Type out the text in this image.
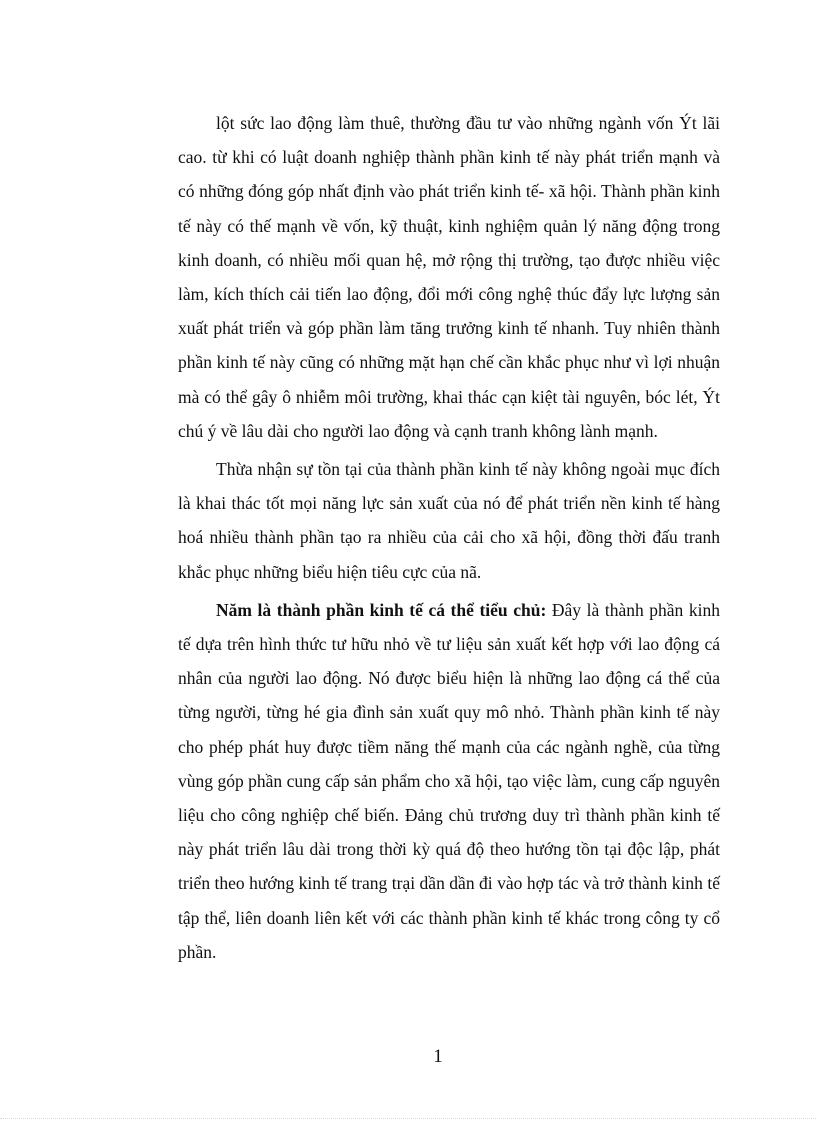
lột sức lao động làm thuê, thường đầu tư vào những ngành vốn Ýt lãi cao. từ khi có luật doanh nghiệp thành phần kinh tế này phát triển mạnh và có những đóng góp nhất định vào phát triển kinh tế- xã hội. Thành phần kinh tế này có thế mạnh về vốn, kỹ thuật, kinh nghiệm quản lý năng động trong kinh doanh, có nhiều mối quan hệ, mở rộng thị trường, tạo được nhiều việc làm, kích thích cải tiến lao động, đổi mới công nghệ thúc đẩy lực lượng sản xuất phát triển và góp phần làm tăng trưởng kinh tế nhanh. Tuy nhiên thành phần kinh tế này cũng có những mặt hạn chế cần khắc phục như vì lợi nhuận mà có thể gây ô nhiễm môi trường, khai thác cạn kiệt tài nguyên, bóc lét, Ýt chú ý về lâu dài cho người lao động và cạnh tranh không lành mạnh.

Thừa nhận sự tồn tại của thành phần kinh tế này không ngoài mục đích là khai thác tốt mọi năng lực sản xuất của nó để phát triển nền kinh tế hàng hoá nhiều thành phần tạo ra nhiều của cải cho xã hội, đồng thời đấu tranh khắc phục những biểu hiện tiêu cực của nã.

Năm là thành phần kinh tế cá thể tiểu chủ: Đây là thành phần kinh tế dựa trên hình thức tư hữu nhỏ về tư liệu sản xuất kết hợp với lao động cá nhân của người lao động. Nó được biểu hiện là những lao động cá thể của từng người, từng hé gia đình sản xuất quy mô nhỏ. Thành phần kinh tế này cho phép phát huy được tiềm năng thế mạnh của các ngành nghề, của từng vùng góp phần cung cấp sản phẩm cho xã hội, tạo việc làm, cung cấp nguyên liệu cho công nghiệp chế biến. Đảng chủ trương duy trì thành phần kinh tế này phát triển lâu dài trong thời kỳ quá độ theo hướng tồn tại độc lập, phát triển theo hướng kinh tế trang trại dần dần đi vào hợp tác và trở thành kinh tế tập thể, liên doanh liên kết với các thành phần kinh tế khác trong công ty cổ phần.

1
